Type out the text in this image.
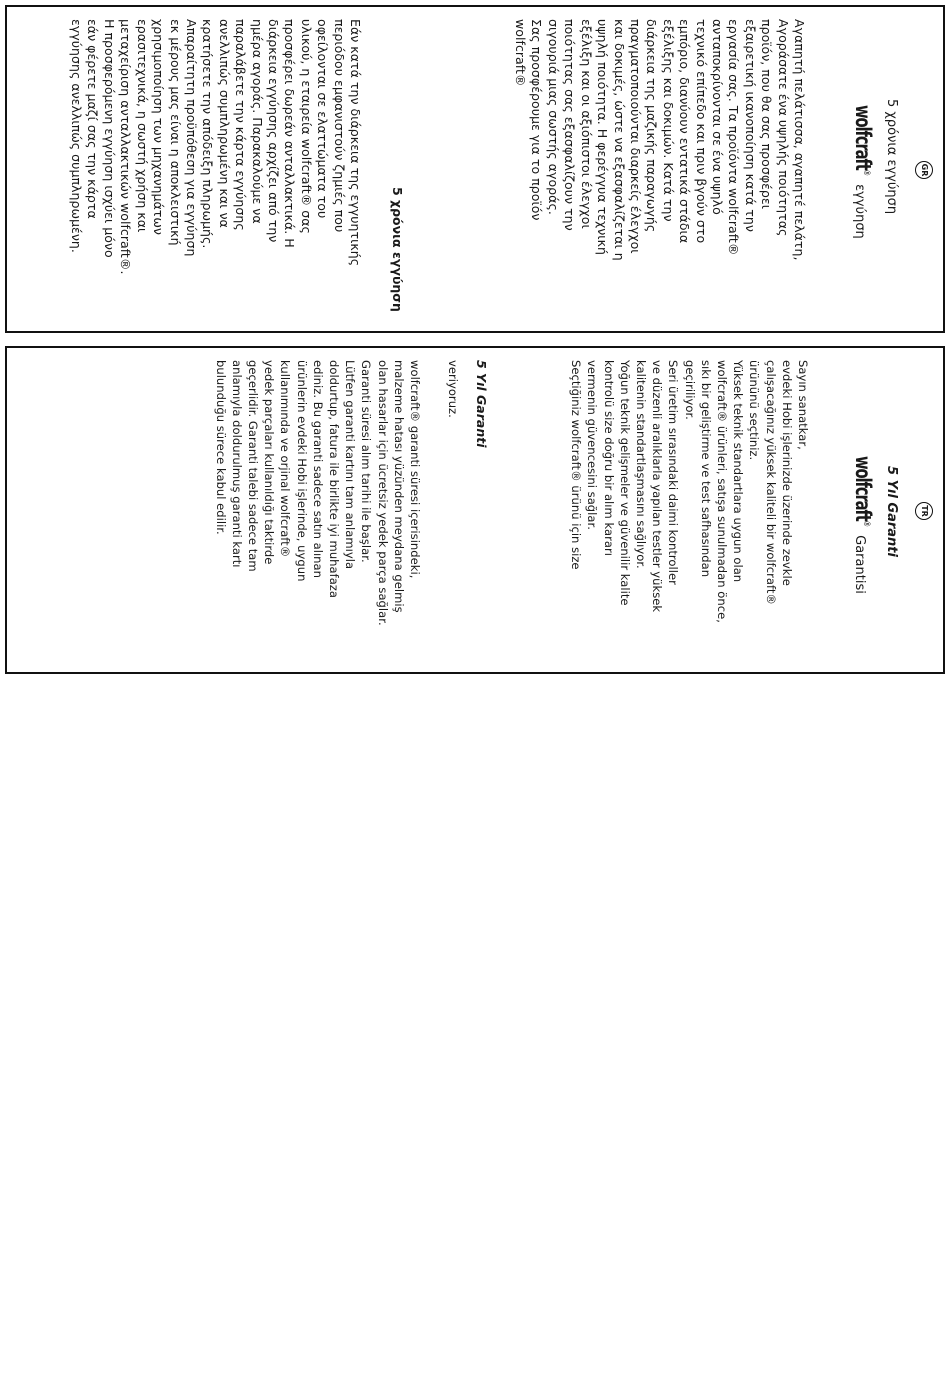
GR
5 χρόνια εγγύηση
wolfcraft®
εγγύηση
Αγαπητή πελάτισσα, αγαπητέ πελάτη,
Αγοράσατε ένα υψηλής ποιότητας
προϊόν, που θα σας προσφέρει
εξαιρετική ικανοποίηση κατά την
εργασία σας. Τα προϊόντα wolfcraft®
ανταποκρίνονται σε ένα υψηλό
τεχνικό επίπεδο και πριν βγούν στο
εμπόριο, διανύουν εντατικά στάδια
εξέλιξης και δοκιμών. Κατά την
διάρκεια της μαζικής παραγωγής
πραγματοποιούνται διαρκείς έλεγχοι
και δοκιμές, ώστε να εξασφαλίζεται η
υψηλή ποιότητα. Η φερέγγυα τεχνική
εξέλιξη και οι αξιόπιστοι έλεγχοι
ποιότητας σας εξασφαλίζουν την
σιγουριά μιας σωστής αγοράς.
Σας προσφέρουμε για το προϊόν
wolfcraft®
5 χρόνια εγγύηση
Εάν κατά την διάρκεια της εγγυητικής
περιόδου εμφανιστούν ζημιές που
οφείλονται σε ελαττώματα του
υλικού, η εταιρεία wolfcraft® σας
προσφέρει δωρεάν ανταλλακτικά. Η
διάρκεια εγγύησης αρχίζει από την
ημέρα αγοράς. Παρακαλούμε να
παραλάβετε την κάρτα εγγύησης
ανελλιπώς συμπληρωμένη και να
κρατήσετε την απόδειξη πληρωμής.
Απαραίτητη προϋπόθεση για εγγύηση
εκ μέρους μας είναι η αποκλειστική
χρησιμοποίηση των μηχανημάτων
ερασιτεχνικά, η σωστή χρήση και
μεταχείριση ανταλλακτικών wolfcraft®.
Η προσφερόμενη εγγύηση ισχύει μόνο
εάν φέρετε μαζί σας την κάρτα
εγγύησης ανελλιπώς συμπληρωμένη.
TR
5 Yıl Garanti
wolfcraft®
Garantisi
Sayın sanatkar,
evdeki Hobi işlerinizde üzerinde zevkle
çalışacağınız yüksek kaliteli bir wolfcraft®
ürününü seçtiniz.
Yüksek teknik standartlara uygun olan
wolfcraft® ürünleri, satışa sunulmadan önce,
sıkı bir geliştirme ve test safhasından
geçiriliyor.
Seri üretim sırasındaki daimi kontroller
ve düzenli aralıklarla yapılan testler yüksek
kalitenin standartlaşmasını sağlıyor.
Yoğun teknik gelişmeler ve güvenilir kalite
kontrolü size doğru bir alım kararı
vermenin güvencesini sağlar.
Seçtiğiniz wolfcraft® ürünü için size
5 Yıl Garanti
veriyoruz.
wolfcraft® garanti süresi içerisindeki,
malzeme hatası yüzünden meydana gelmiş
olan hasarlar için ücretsiz yedek parça sağlar.
Garanti süresi alım tarihi ile başlar.
Lütfen garanti kartını tam anlamıyla
doldurtup, fatura ile birlikte iyi muhafaza
ediniz. Bu garanti sadece satın alınan
ürünlerin evdeki Hobi işlerinde, uygun
kullanımında ve orjinal wolfcraft®
yedek parçaları kullanıldığı taktirde
geçerlidir. Garanti talebi sadece tam
anlamıyla doldurulmuş garanti kartı
bulunduğu sürece kabul edilir.
